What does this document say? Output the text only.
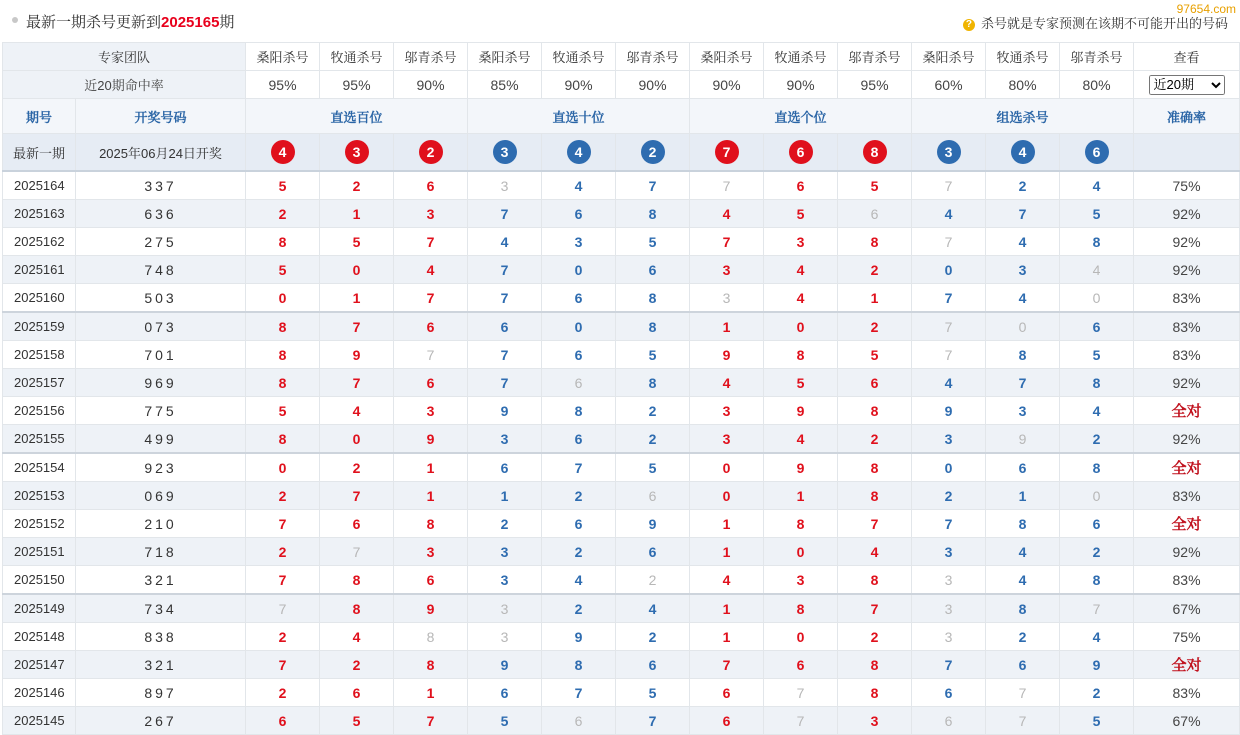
最新一期杀号更新到2025165期	? 杀号就是专家预测在该期不可能开出的号码
97654.com
专家团队		桑阳杀号	牧通杀号	邬青杀号	桑阳杀号	牧通杀号	邬青杀号	桑阳杀号	牧通杀号	邬青杀号	桑阳杀号	牧通杀号	邬青杀号	查看
近20期命中率		95%	95%	90%	85%	90%	90%	90%	90%	95%	60%	80%	80%	
近20期
期号	开奖号码	直选百位			直选十位			直选个位			组选杀号			准确率
最新一期	2025年06月24日开奖	4	3	2	3	4	2	7	6	8	3	4	6	
2025164	337	5	2	6	3	4	7	7	6	5	7	2	4	75%
2025163	636	2	1	3	7	6	8	4	5	6	4	7	5	92%
2025162	275	8	5	7	4	3	5	7	3	8	7	4	8	92%
2025161	748	5	0	4	7	0	6	3	4	2	0	3	4	92%
2025160	503	0	1	7	7	6	8	3	4	1	7	4	0	83%
2025159	073	8	7	6	6	0	8	1	0	2	7	0	6	83%
2025158	701	8	9	7	7	6	5	9	8	5	7	8	5	83%
2025157	969	8	7	6	7	6	8	4	5	6	4	7	8	92%
2025156	775	5	4	3	9	8	2	3	9	8	9	3	4	全对
2025155	499	8	0	9	3	6	2	3	4	2	3	9	2	92%
2025154	923	0	2	1	6	7	5	0	9	8	0	6	8	全对
2025153	069	2	7	1	1	2	6	0	1	8	2	1	0	83%
2025152	210	7	6	8	2	6	9	1	8	7	7	8	6	全对
2025151	718	2	7	3	3	2	6	1	0	4	3	4	2	92%
2025150	321	7	8	6	3	4	2	4	3	8	3	4	8	83%
2025149	734	7	8	9	3	2	4	1	8	7	3	8	7	67%
2025148	838	2	4	8	3	9	2	1	0	2	3	2	4	75%
2025147	321	7	2	8	9	8	6	7	6	8	7	6	9	全对
2025146	897	2	6	1	6	7	5	6	7	8	6	7	2	83%
2025145	267	6	5	7	5	6	7	6	7	3	6	7	5	67%
